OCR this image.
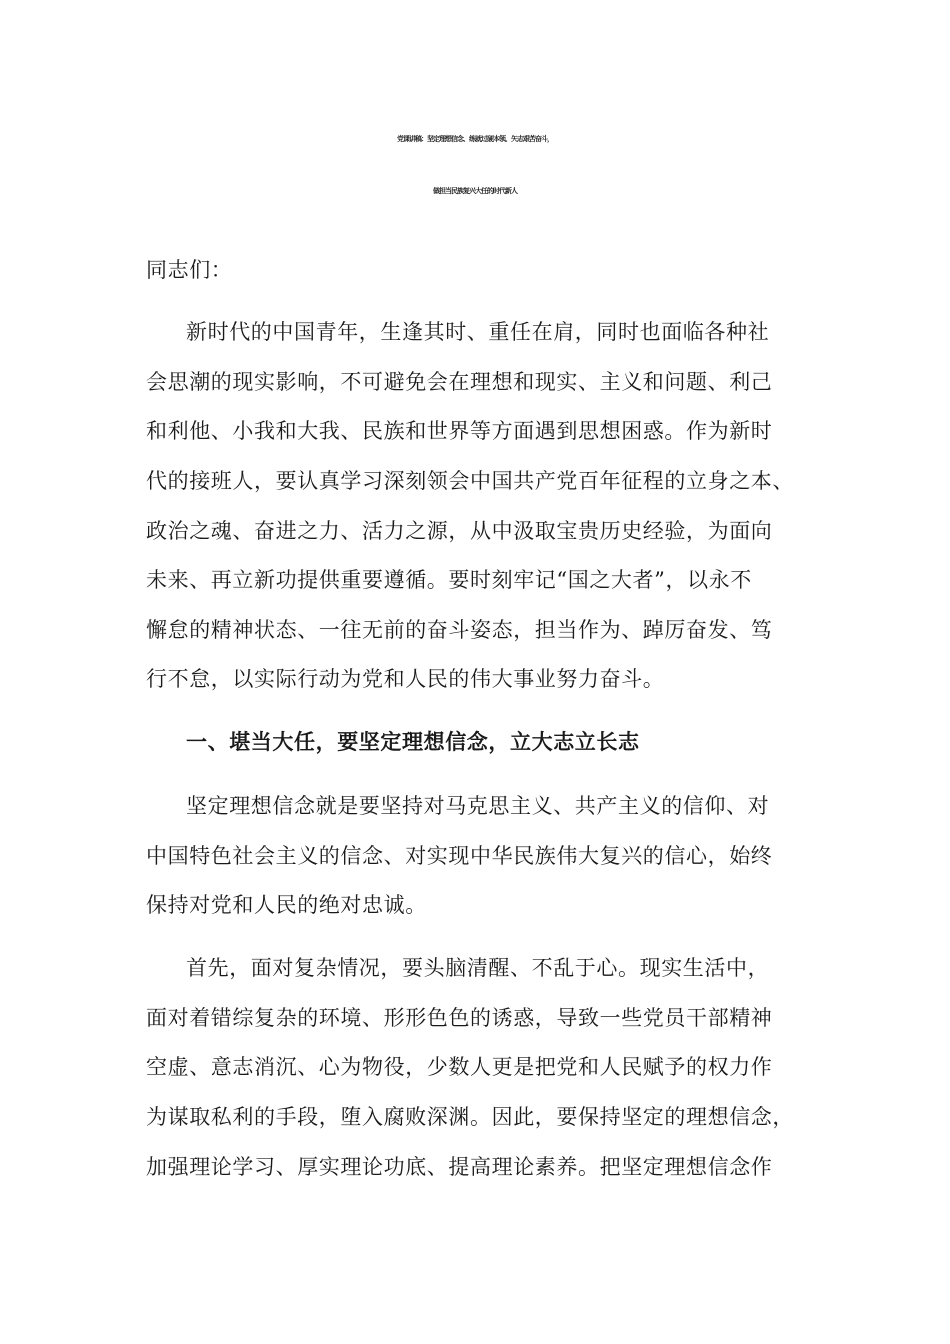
党课讲稿：坚定理想信念、练就过硬本领、矢志艰苦奋斗，
做担当民族复兴大任的时代新人

同志们：

新时代的中国青年，生逢其时、重任在肩，同时也面临各种社

会思潮的现实影响，不可避免会在理想和现实、主义和问题、利己

和利他、小我和大我、民族和世界等方面遇到思想困惑。作为新时

代的接班人，要认真学习深刻领会中国共产党百年征程的立身之本、

政治之魂、奋进之力、活力之源，从中汲取宝贵历史经验，为面向

未来、再立新功提供重要遵循。要时刻牢记“国之大者”，以永不

懈怠的精神状态、一往无前的奋斗姿态，担当作为、踔厉奋发、笃

行不怠，以实际行动为党和人民的伟大事业努力奋斗。

一、堪当大任，要坚定理想信念，立大志立长志

坚定理想信念就是要坚持对马克思主义、共产主义的信仰、对

中国特色社会主义的信念、对实现中华民族伟大复兴的信心，始终

保持对党和人民的绝对忠诚。

首先，面对复杂情况，要头脑清醒、不乱于心。现实生活中，

面对着错综复杂的环境、形形色色的诱惑，导致一些党员干部精神

空虚、意志消沉、心为物役，少数人更是把党和人民赋予的权力作

为谋取私利的手段，堕入腐败深渊。因此，要保持坚定的理想信念，

加强理论学习、厚实理论功底、提高理论素养。把坚定理想信念作
